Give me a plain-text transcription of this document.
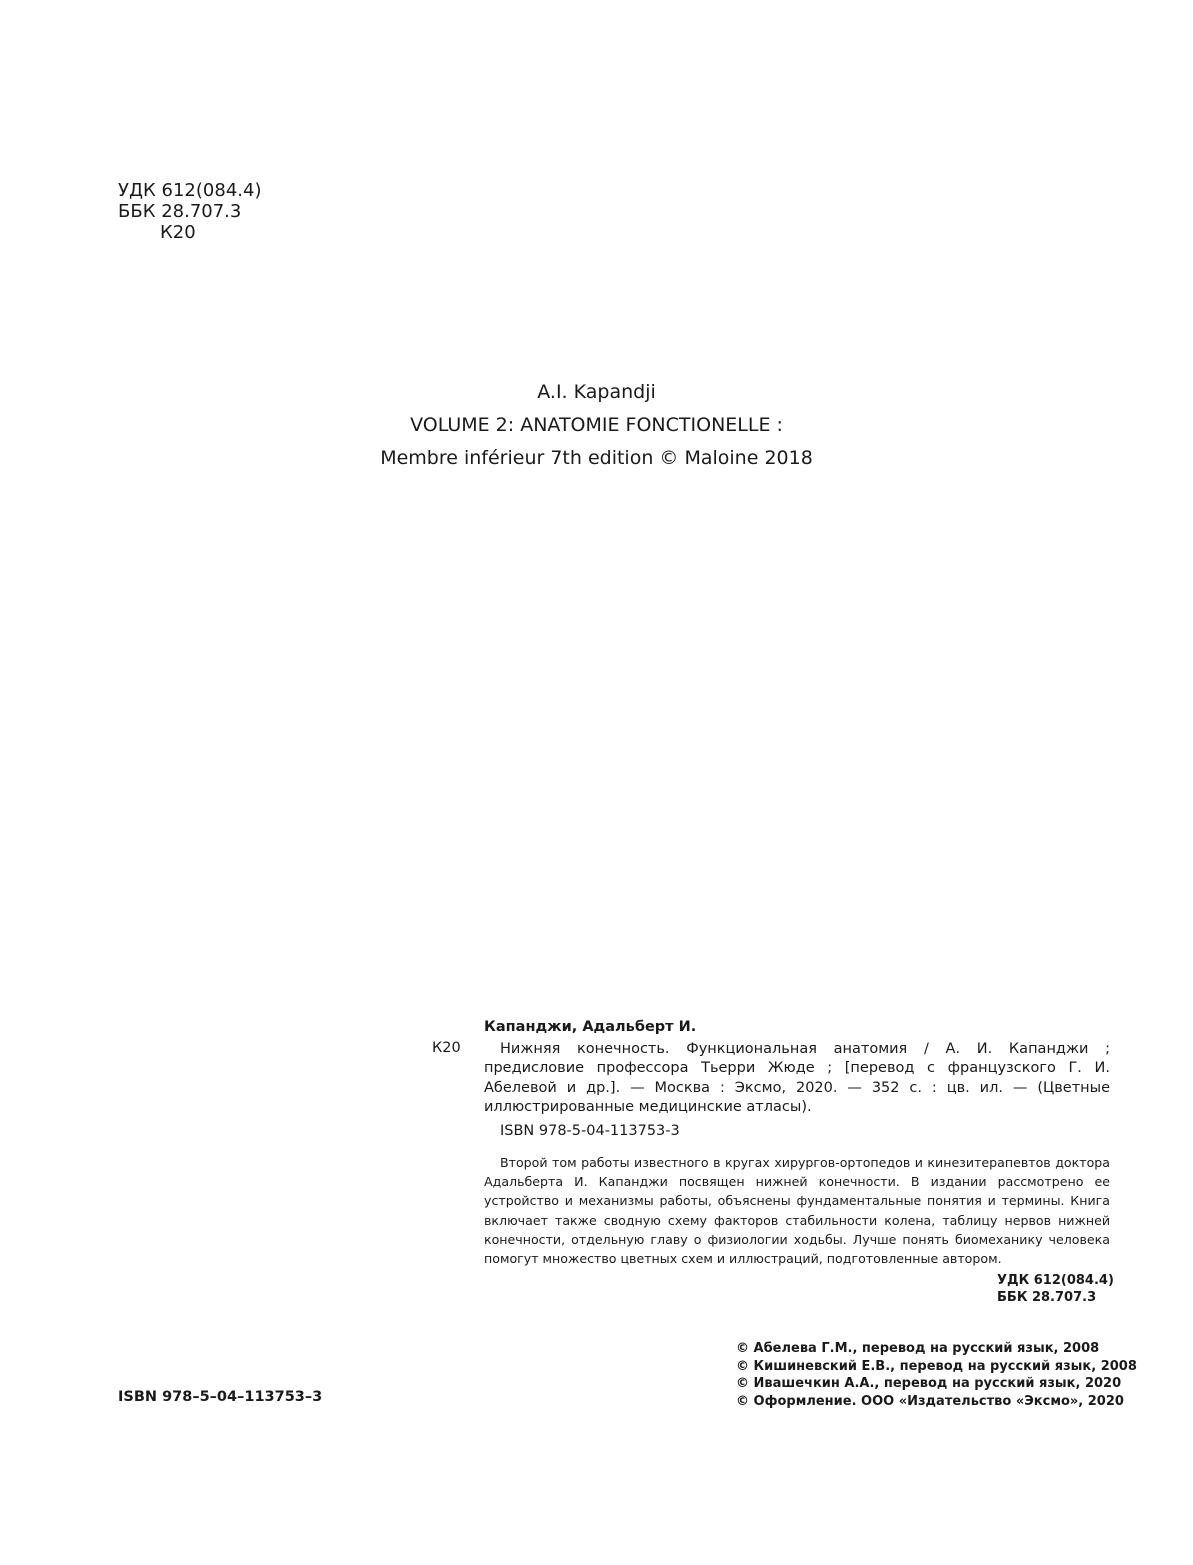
УДК 612(084.4)
ББК 28.707.3
К20
A.I. Kapandji
VOLUME 2: ANATOMIE FONCTIONELLE :
Membre inférieur 7th edition © Maloine 2018
Капанджи, Адальберт И.
К20	Нижняя конечность. Функциональная анатомия / А. И. Капанджи ; предисловие профессора Тьерри Жюде ; [перевод с французского Г. И. Абелевой и др.]. — Москва : Эксмо, 2020. — 352 с. : цв. ил. — (Цветные иллюстрированные медицинские атласы).
ISBN 978-5-04-113753-3
Второй том работы известного в кругах хирургов-ортопедов и кинезитерапевтов доктора Адальберта И. Капанджи посвящен нижней конечности. В издании рассмотрено ее устройство и механизмы работы, объяснены фундаментальные понятия и термины. Книга включает также сводную схему факторов стабильности колена, таблицу нервов нижней конечности, отдельную главу о физиологии ходьбы. Лучше понять биомеханику человека помогут множество цветных схем и иллюстраций, подготовленные автором.
УДК 612(084.4)
ББК 28.707.3
ISBN 978–5–04–113753–3
© Абелева Г.М., перевод на русский язык, 2008
© Кишиневский Е.В., перевод на русский язык, 2008
© Ивашечкин А.А., перевод на русский язык, 2020
© Оформление. ООО «Издательство «Эксмо», 2020
